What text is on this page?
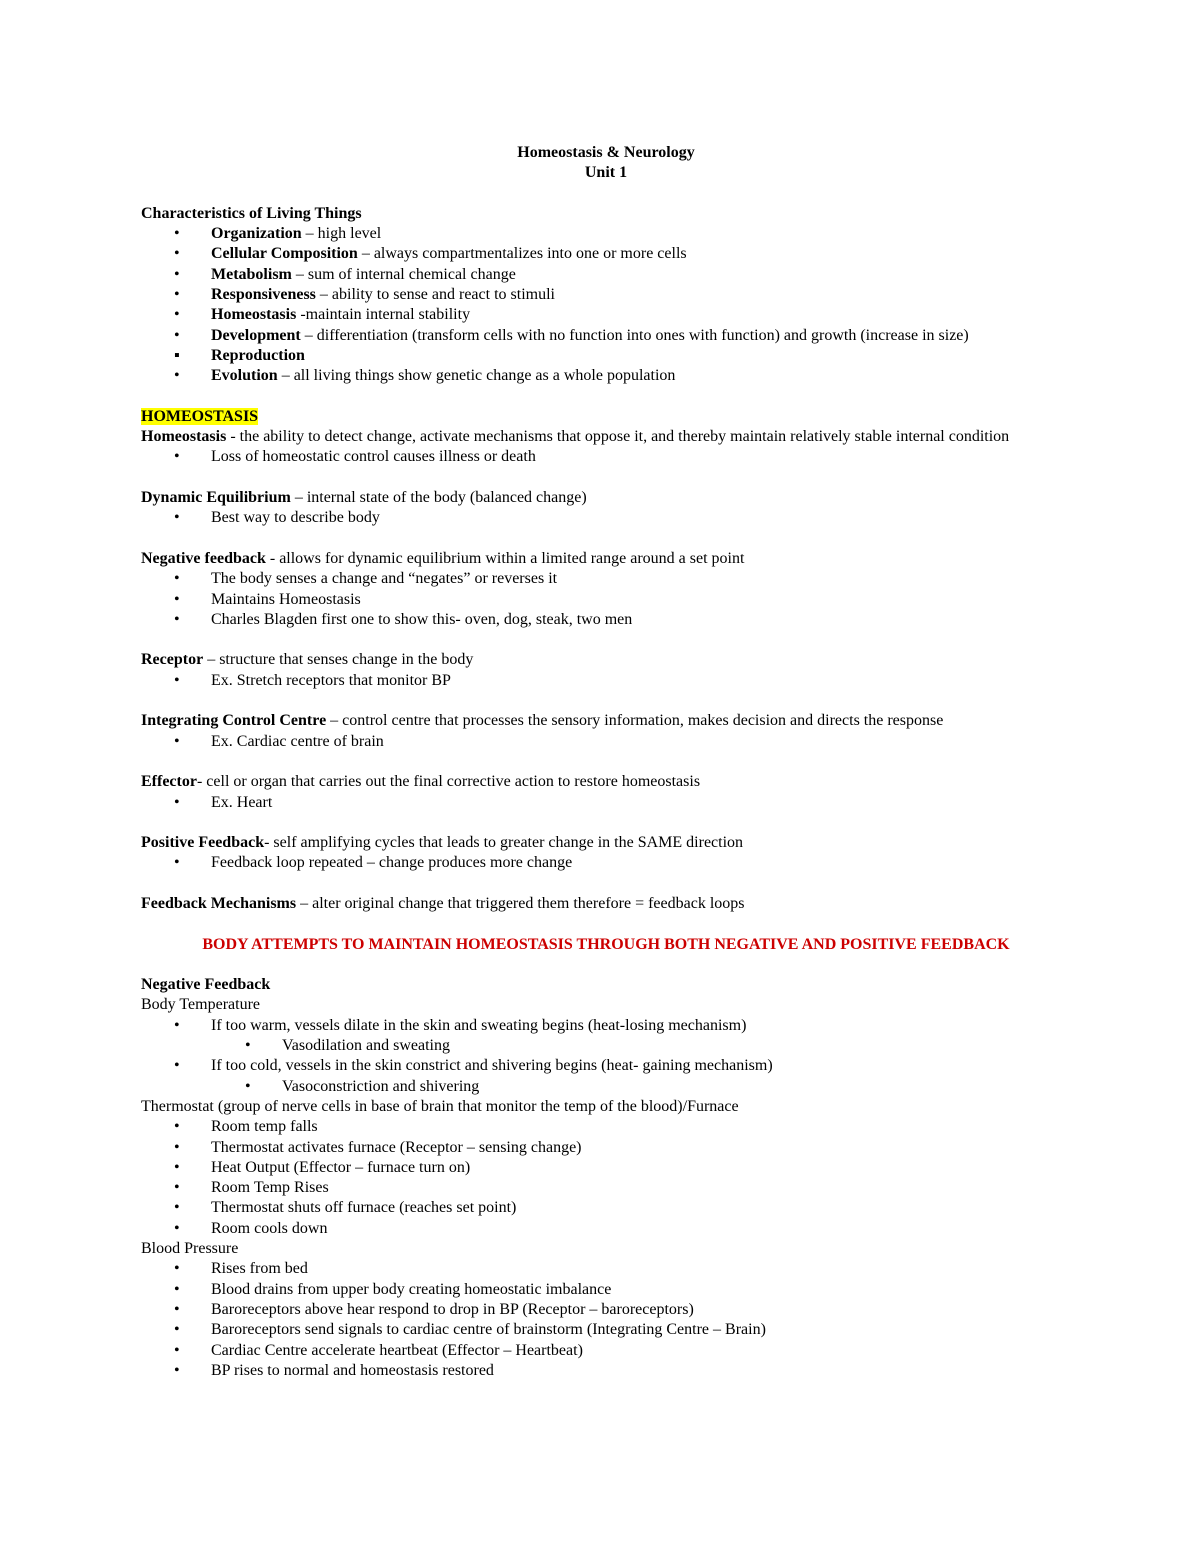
Homeostasis & Neurology
Unit 1
Characteristics of Living Things
• Organization – high level
• Cellular Composition – always compartmentalizes into one or more cells
• Metabolism – sum of internal chemical change
• Responsiveness – ability to sense and react to stimuli
• Homeostasis -maintain internal stability
• Development – differentiation (transform cells with no function into ones with function) and growth (increase in size)
▪ Reproduction
• Evolution – all living things show genetic change as a whole population
HOMEOSTASIS
Homeostasis - the ability to detect change, activate mechanisms that oppose it, and thereby maintain relatively stable internal condition
• Loss of homeostatic control causes illness or death
Dynamic Equilibrium – internal state of the body (balanced change)
• Best way to describe body
Negative feedback - allows for dynamic equilibrium within a limited range around a set point
• The body senses a change and “negates” or reverses it
• Maintains Homeostasis
• Charles Blagden first one to show this- oven, dog, steak, two men
Receptor – structure that senses change in the body
• Ex. Stretch receptors that monitor BP
Integrating Control Centre – control centre that processes the sensory information, makes decision and directs the response
• Ex. Cardiac centre of brain
Effector- cell or organ that carries out the final corrective action to restore homeostasis
• Ex. Heart
Positive Feedback- self amplifying cycles that leads to greater change in the SAME direction
• Feedback loop repeated – change produces more change
Feedback Mechanisms – alter original change that triggered them therefore = feedback loops
BODY ATTEMPTS TO MAINTAIN HOMEOSTASIS THROUGH BOTH NEGATIVE AND POSITIVE FEEDBACK
Negative Feedback
Body Temperature
• If too warm, vessels dilate in the skin and sweating begins (heat-losing mechanism)
• Vasodilation and sweating
• If too cold, vessels in the skin constrict and shivering begins (heat- gaining mechanism)
• Vasoconstriction and shivering
Thermostat (group of nerve cells in base of brain that monitor the temp of the blood)/Furnace
• Room temp falls
• Thermostat activates furnace (Receptor – sensing change)
• Heat Output (Effector – furnace turn on)
• Room Temp Rises
• Thermostat shuts off furnace (reaches set point)
• Room cools down
Blood Pressure
• Rises from bed
• Blood drains from upper body creating homeostatic imbalance
• Baroreceptors above hear respond to drop in BP (Receptor – baroreceptors)
• Baroreceptors send signals to cardiac centre of brainstorm (Integrating Centre – Brain)
• Cardiac Centre accelerate heartbeat (Effector – Heartbeat)
• BP rises to normal and homeostasis restored
